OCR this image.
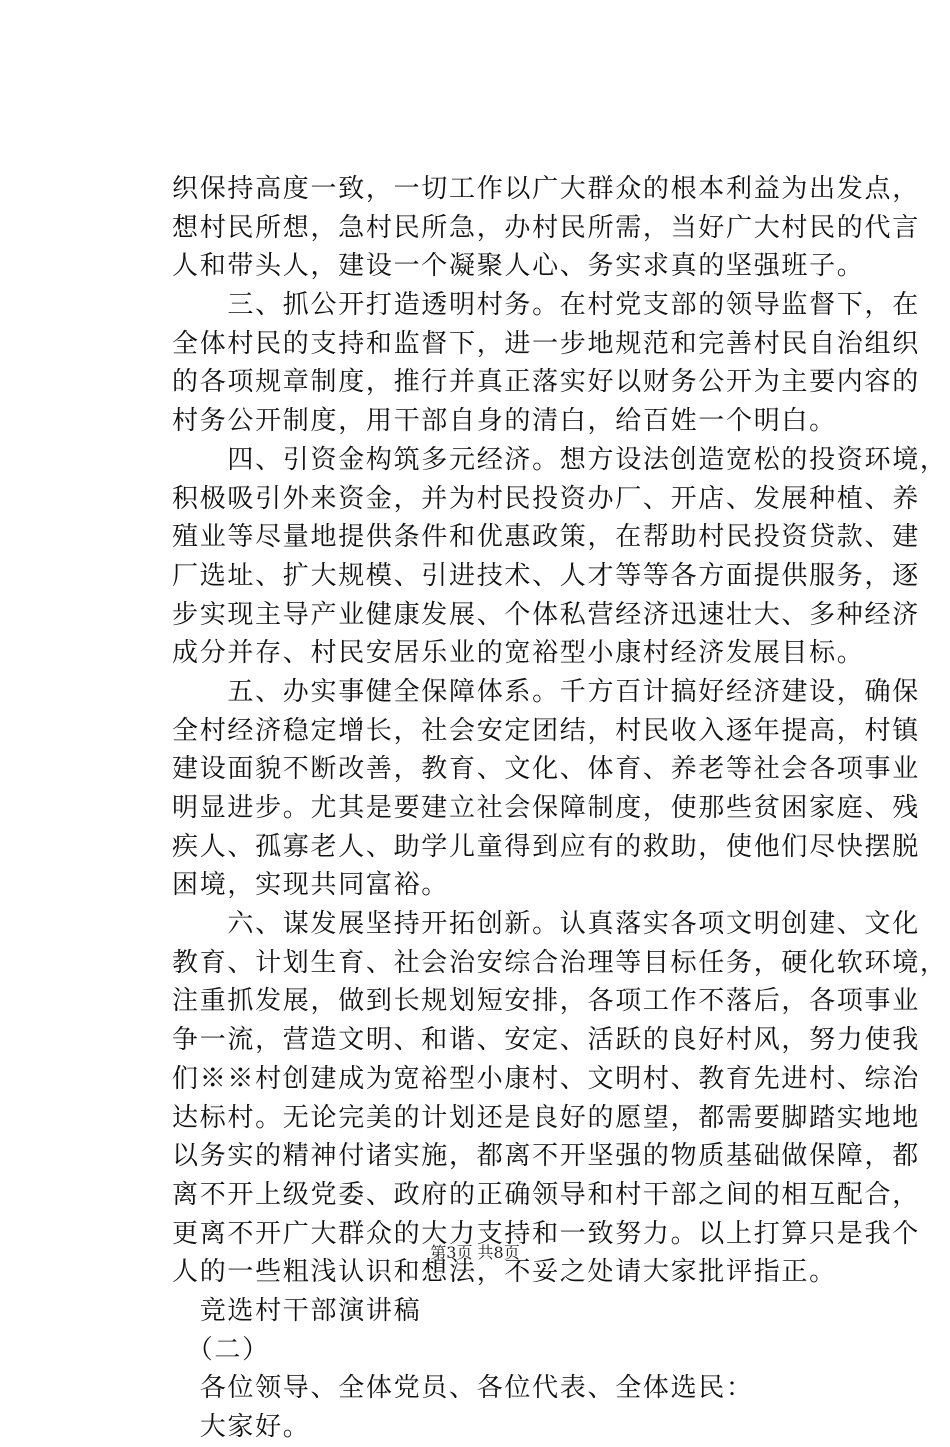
织保持高度一致，一切工作以广大群众的根本利益为出发点，
想村民所想，急村民所急，办村民所需，当好广大村民的代言
人和带头人，建设一个凝聚人心、务实求真的坚强班子。
　　三、抓公开打造透明村务。在村党支部的领导监督下，在
全体村民的支持和监督下，进一步地规范和完善村民自治组织
的各项规章制度，推行并真正落实好以财务公开为主要内容的
村务公开制度，用干部自身的清白，给百姓一个明白。
　　四、引资金构筑多元经济。想方设法创造宽松的投资环境，
积极吸引外来资金，并为村民投资办厂、开店、发展种植、养
殖业等尽量地提供条件和优惠政策，在帮助村民投资贷款、建
厂选址、扩大规模、引进技术、人才等等各方面提供服务，逐
步实现主导产业健康发展、个体私营经济迅速壮大、多种经济
成分并存、村民安居乐业的宽裕型小康村经济发展目标。
　　五、办实事健全保障体系。千方百计搞好经济建设，确保
全村经济稳定增长，社会安定团结，村民收入逐年提高，村镇
建设面貌不断改善，教育、文化、体育、养老等社会各项事业
明显进步。尤其是要建立社会保障制度，使那些贫困家庭、残
疾人、孤寡老人、助学儿童得到应有的救助，使他们尽快摆脱
困境，实现共同富裕。
　　六、谋发展坚持开拓创新。认真落实各项文明创建、文化
教育、计划生育、社会治安综合治理等目标任务，硬化软环境，
注重抓发展，做到长规划短安排，各项工作不落后，各项事业
争一流，营造文明、和谐、安定、活跃的良好村风，努力使我
们※※村创建成为宽裕型小康村、文明村、教育先进村、综治
达标村。无论完美的计划还是良好的愿望，都需要脚踏实地地
以务实的精神付诸实施，都离不开坚强的物质基础做保障，都
离不开上级党委、政府的正确领导和村干部之间的相互配合，
更离不开广大群众的大力支持和一致努力。以上打算只是我个
人的一些粗浅认识和想法，不妥之处请大家批评指正。
　竞选村干部演讲稿
　（二）
　各位领导、全体党员、各位代表、全体选民：
　大家好。
第3页 共8页
